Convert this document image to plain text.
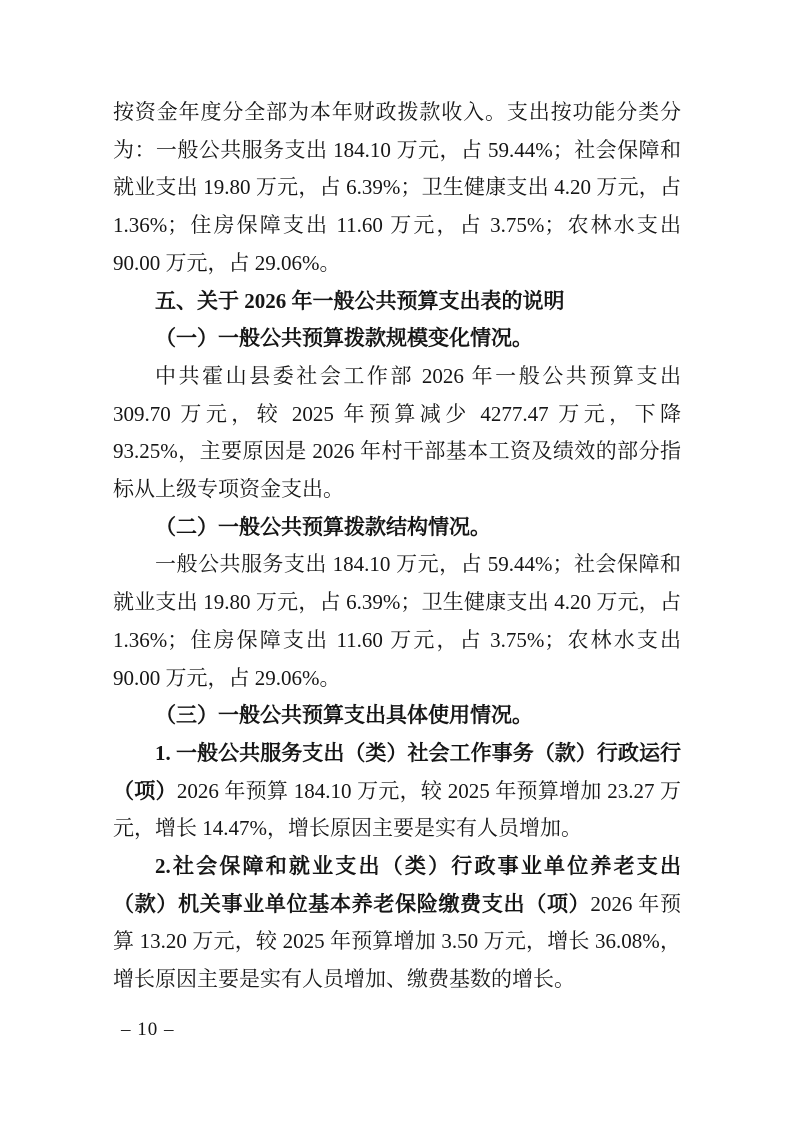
按资金年度分全部为本年财政拨款收入。支出按功能分类分为：一般公共服务支出 184.10 万元，占 59.44%；社会保障和就业支出 19.80 万元，占 6.39%；卫生健康支出 4.20 万元，占 1.36%；住房保障支出 11.60 万元，占 3.75%；农林水支出 90.00 万元，占 29.06%。

五、关于 2026 年一般公共预算支出表的说明
（一）一般公共预算拨款规模变化情况。

中共霍山县委社会工作部 2026 年一般公共预算支出 309.70 万元，较 2025 年预算减少 4277.47 万元，下降 93.25%，主要原因是 2026 年村干部基本工资及绩效的部分指标从上级专项资金支出。

（二）一般公共预算拨款结构情况。

一般公共服务支出 184.10 万元，占 59.44%；社会保障和就业支出 19.80 万元，占 6.39%；卫生健康支出 4.20 万元，占 1.36%；住房保障支出 11.60 万元，占 3.75%；农林水支出 90.00 万元，占 29.06%。

（三）一般公共预算支出具体使用情况。

1. 一般公共服务支出（类）社会工作事务（款）行政运行（项）2026 年预算 184.10 万元，较 2025 年预算增加 23.27 万元，增长 14.47%，增长原因主要是实有人员增加。

2.社会保障和就业支出（类）行政事业单位养老支出（款）机关事业单位基本养老保险缴费支出（项）2026 年预算 13.20 万元，较 2025 年预算增加 3.50 万元，增长 36.08%，增长原因主要是实有人员增加、缴费基数的增长。

– 10 –
